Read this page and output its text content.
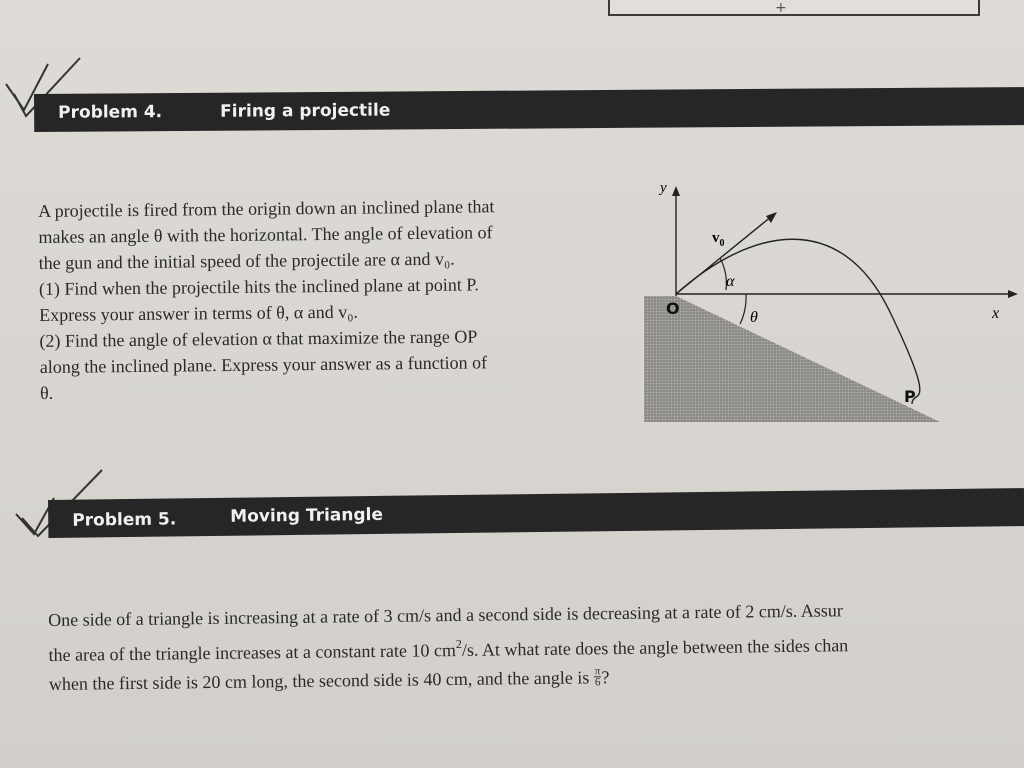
+
Problem 4.	Firing a projectile
A projectile is fired from the origin down an inclined plane that
makes an angle θ with the horizontal. The angle of elevation of
the gun and the initial speed of the projectile are α and v₀.
(1) Find when the projectile hits the inclined plane at point P.
Express your answer in terms of θ, α and v₀.
(2) Find the angle of elevation α that maximize the range OP
along the inclined plane. Express your answer as a function of
θ.
y
x
$v_0$
α
θ
O
P
Problem 5.	Moving Triangle
One side of a triangle is increasing at a rate of 3 cm/s and a second side is decreasing at a rate of 2 cm/s. Assur
the area of the triangle increases at a constant rate 10 $cm^2/s$. At what rate does the angle between the sides chan
when the first side is 20 cm long, the second side is 40 cm, and the angle is $\frac{\pi}{6}$ ?
